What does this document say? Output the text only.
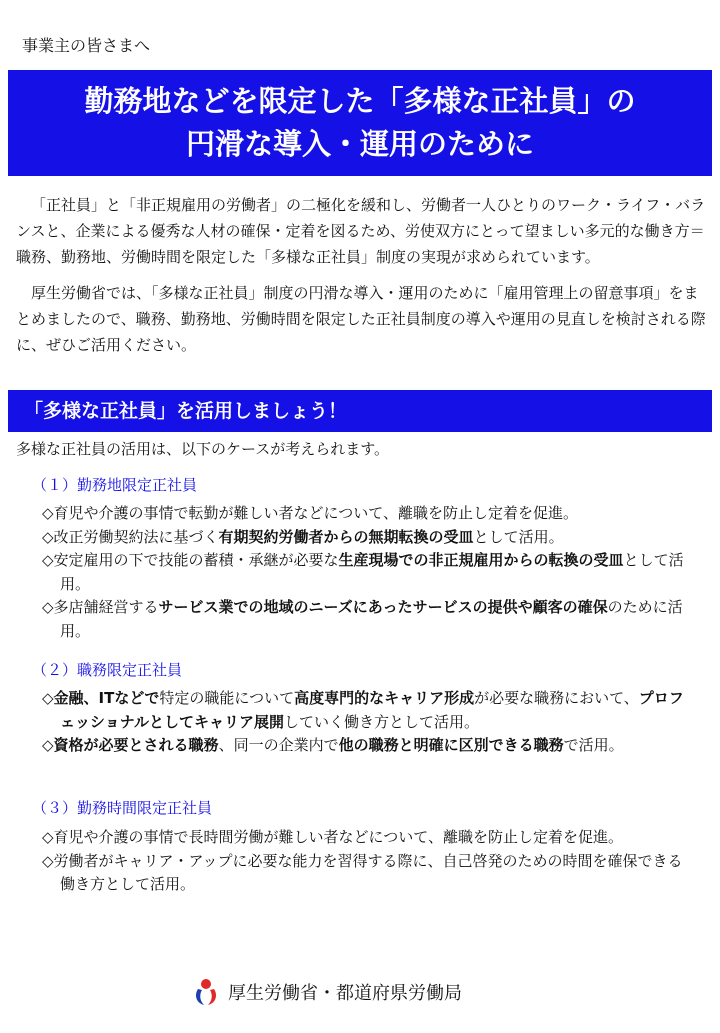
事業主の皆さまへ
勤務地などを限定した「多様な正社員」の
円滑な導入・運用のために

「正社員」と「非正規雇用の労働者」の二極化を緩和し、労働者一人ひとりのワーク・ライフ・バランスと、企業による優秀な人材の確保・定着を図るため、労使双方にとって望ましい多元的な働き方＝職務、勤務地、労働時間を限定した「多様な正社員」制度の実現が求められています。

厚生労働省では、「多様な正社員」制度の円滑な導入・運用のために「雇用管理上の留意事項」をまとめましたので、職務、勤務地、労働時間を限定した正社員制度の導入や運用の見直しを検討される際に、ぜひご活用ください。

「多様な正社員」を活用しましょう！
多様な正社員の活用は、以下のケースが考えられます。
（１）勤務地限定正社員
◇育児や介護の事情で転勤が難しい者などについて、離職を防止し定着を促進。
◇改正労働契約法に基づく有期契約労働者からの無期転換の受皿として活用。
◇安定雇用の下で技能の蓄積・承継が必要な生産現場での非正規雇用からの転換の受皿として活用。
◇多店舗経営するサービス業での地域のニーズにあったサービスの提供や顧客の確保のために活用。
（２）職務限定正社員
◇金融、ITなどで特定の職能について高度専門的なキャリア形成が必要な職務において、プロフェッショナルとしてキャリア展開していく働き方として活用。
◇資格が必要とされる職務、同一の企業内で他の職務と明確に区別できる職務で活用。
（３）勤務時間限定正社員
◇育児や介護の事情で長時間労働が難しい者などについて、離職を防止し定着を促進。
◇労働者がキャリア・アップに必要な能力を習得する際に、自己啓発のための時間を確保できる働き方として活用。
厚生労働省・都道府県労働局
